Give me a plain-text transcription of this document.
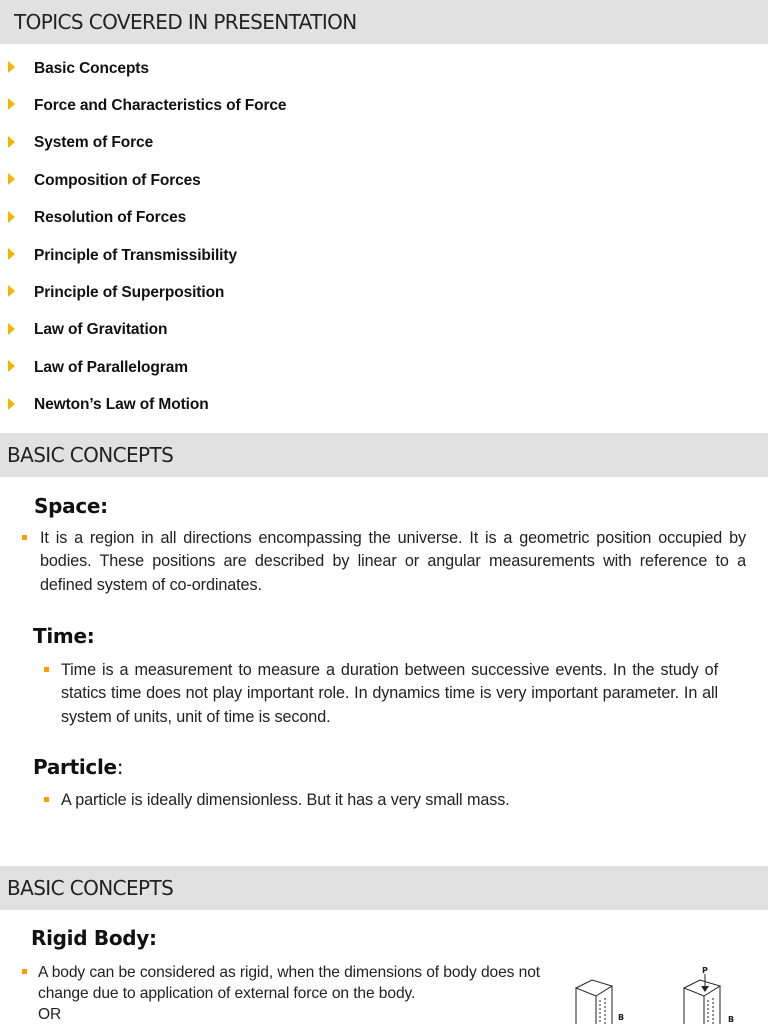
TOPICS COVERED IN PRESENTATION
Basic Concepts
Force and Characteristics of Force
System of Force
Composition of Forces
Resolution of Forces
Principle of Transmissibility
Principle of Superposition
Law of Gravitation
Law of Parallelogram
Newton’s Law of Motion
BASIC CONCEPTS
Space:

It is a region in all directions encompassing the universe. It is a geometric position occupied by bodies. These positions are described by linear or angular measurements with reference to a defined system of co-ordinates.

Time:

Time is a measurement to measure a duration between successive events. In the study of statics time does not play important role. In dynamics time is very important parameter. In all system of units, unit of time is second.

Particle:

A particle is ideally dimensionless. But it has a very small mass.

BASIC CONCEPTS
Rigid Body:

A body can be considered as rigid, when the dimensions of body does not change due to application of external force on the body.

OR	B
P
B
